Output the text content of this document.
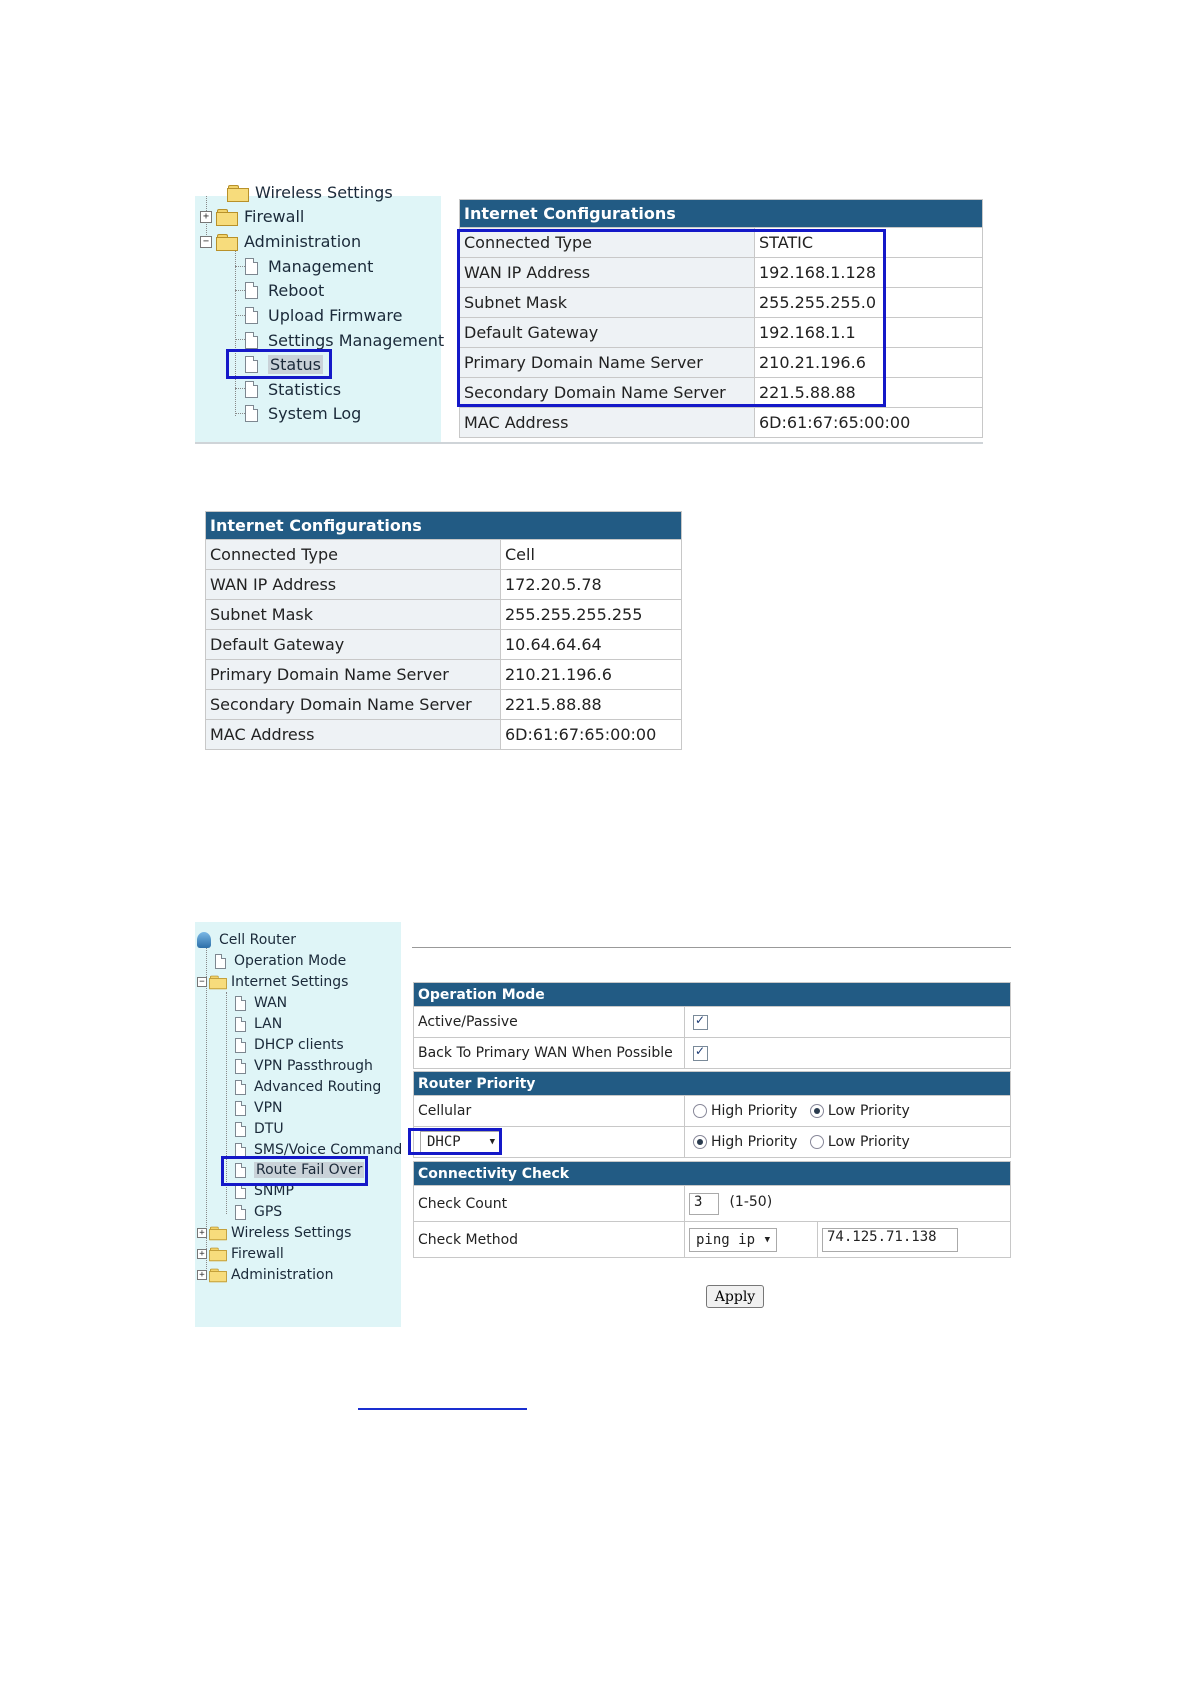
Wireless Settings
+ Firewall
− Administration
Management
Reboot
Upload Firmware
Settings Management
Status
Statistics
System Log
Internet Configurations	
Connected Type	STATIC
WAN IP Address	192.168.1.128
Subnet Mask	255.255.255.0
Default Gateway	192.168.1.1
Primary Domain Name Server	210.21.196.6
Secondary Domain Name Server	221.5.88.88
MAC Address	6D:61:67:65:00:00
Internet Configurations	
Connected Type	Cell
WAN IP Address	172.20.5.78
Subnet Mask	255.255.255.255
Default Gateway	10.64.64.64
Primary Domain Name Server	210.21.196.6
Secondary Domain Name Server	221.5.88.88
MAC Address	6D:61:67:65:00:00
Cell Router
Operation Mode
− Internet Settings
WAN
LAN
DHCP clients
VPN Passthrough
Advanced Routing
VPN
DTU
SMS/Voice Command
Route Fail Over
SNMP
GPS
+ Wireless Settings
+ Firewall
+ Administration
Operation Mode	
Active/Passive	✓
Back To Primary WAN When Possible	✓
Router Priority	
Cellular	High Priority Low Priority

DHCP ▼	High Priority Low Priority
Connectivity Check		
Check Count	3 (1-50)	
Check Method	ping ip ▼	74.125.71.138
Apply
